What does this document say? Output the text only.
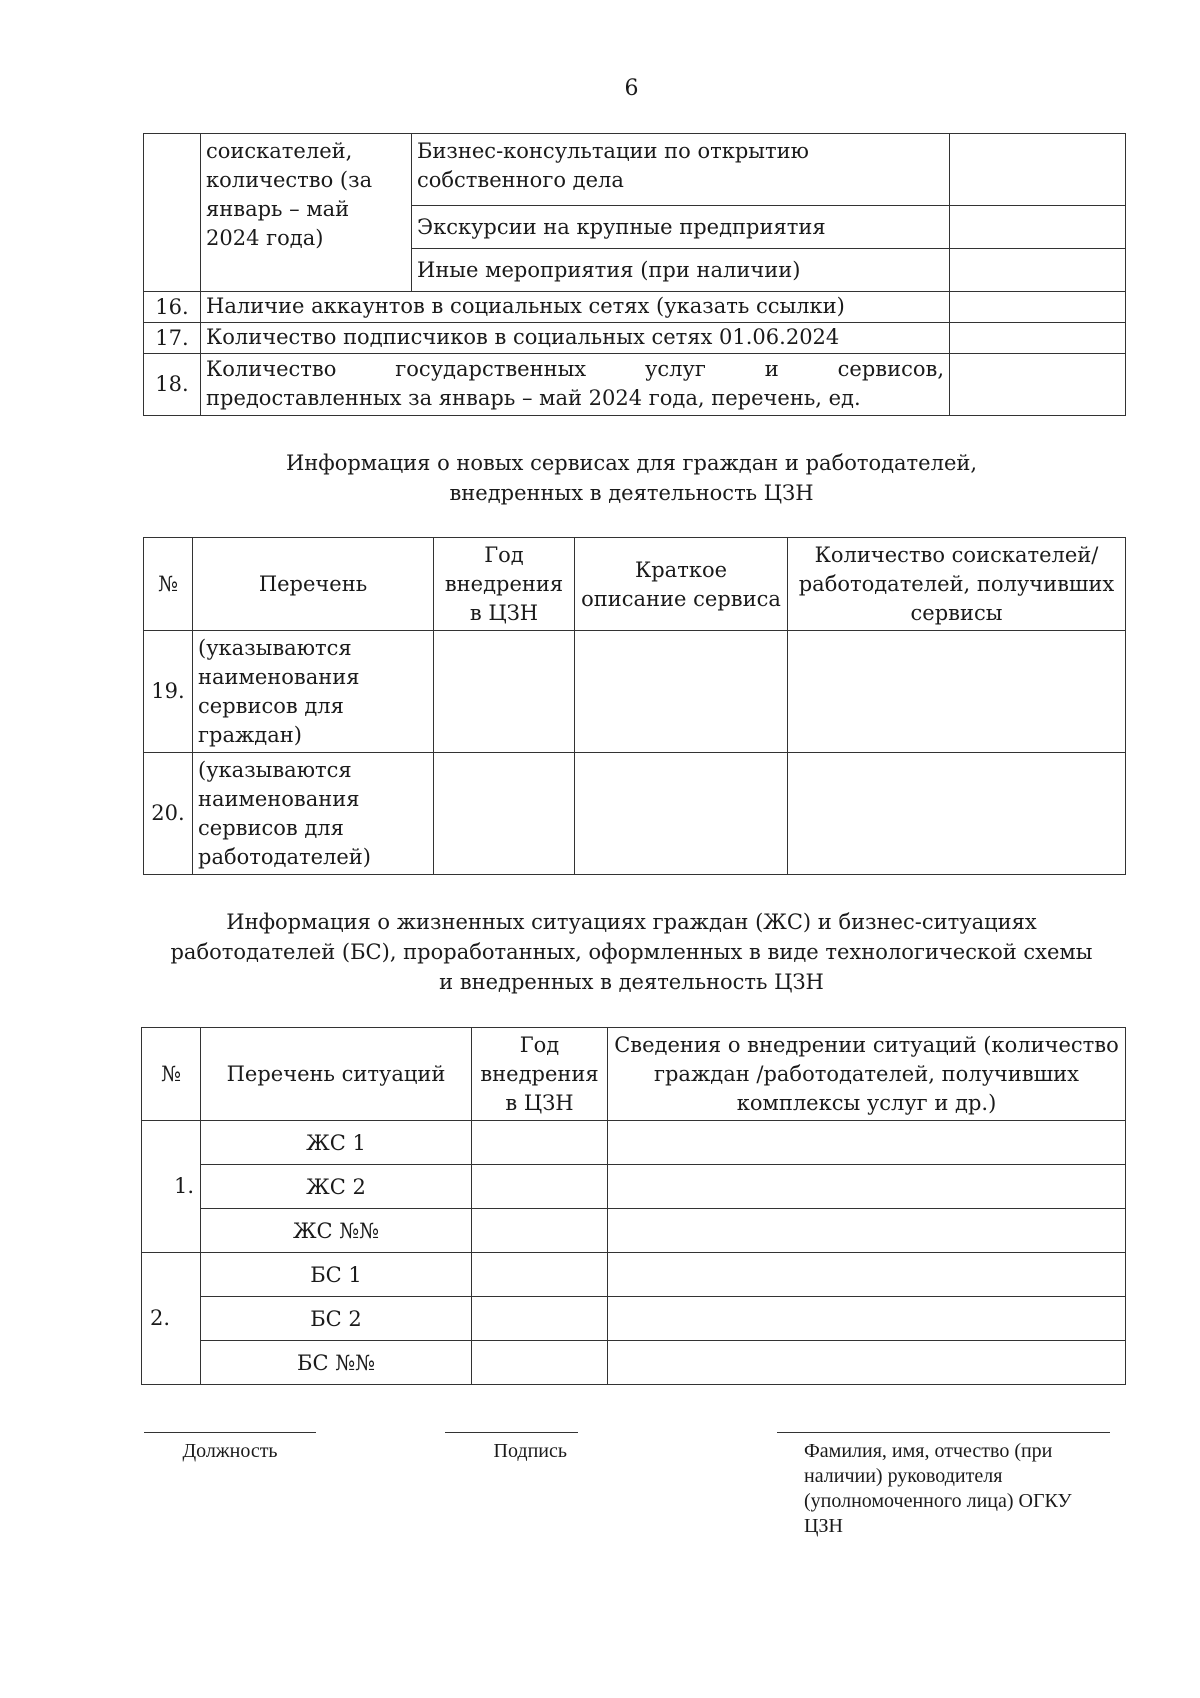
6
	соискателей, количество (за январь – май 2024 года)	Бизнес-консультации по открытию собственного дела	
		Экскурсии на крупные предприятия	
		Иные мероприятия (при наличии)	
16.	Наличие аккаунтов в социальных сетях (указать ссылки)		
17.	Количество подписчиков в социальных сетях 01.06.2024		
18.	Количество государственных услуг и сервисов,
предоставленных за январь – май 2024 года, перечень, ед.		

Информация о новых сервисах для граждан и работодателей,
внедренных в деятельность ЦЗН
№	Перечень	Год внедрения в ЦЗН	Краткое описание сервиса	Количество соискателей/работодателей, получивших сервисы
19.	(указываются наименования сервисов для граждан)			
20.	(указываются наименования сервисов для работодателей)			
Информация о жизненных ситуациях граждан (ЖС) и бизнес-ситуациях
работодателей (БС), проработанных, оформленных в виде технологической схемы
и внедренных в деятельность ЦЗН
№	Перечень ситуаций	Год внедрения в ЦЗН	Сведения о внедрении ситуаций (количество граждан /работодателей, получивших комплексы услуг и др.)
1.	ЖС 1		
	ЖС 2		
	ЖС №№		
2.	БС 1		
	БС 2		
	БС №№		
Должность	Подпись	Фамилия, имя, отчество (при наличии) руководителя (уполномоченного лица) ОГКУ ЦЗН
